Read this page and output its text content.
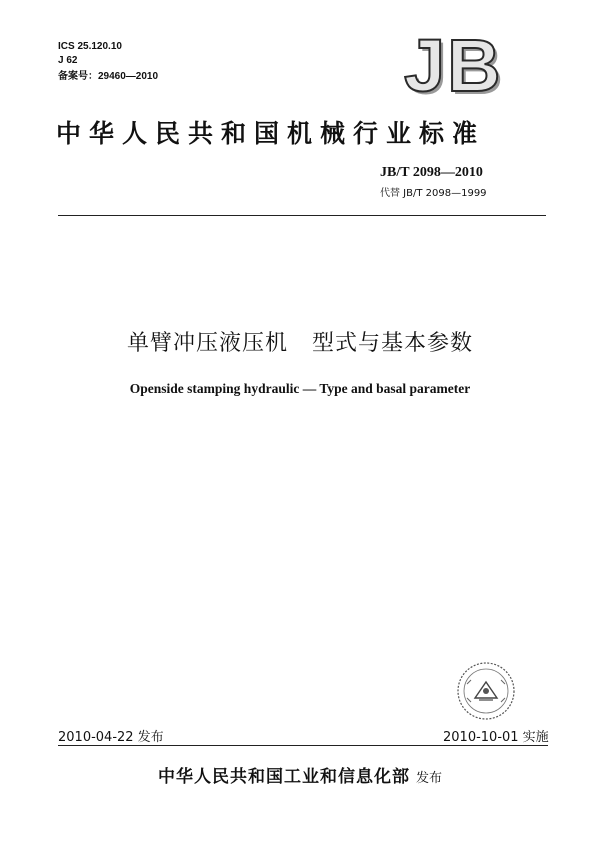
ICS 25.120.10
J 62
备案号：29460—2010	JB
中华人民共和国机械行业标准
JB/T 2098—2010
代替 JB/T 2098—1999
单臂冲压液压机   型式与基本参数
Openside stamping hydraulic — Type and basal parameter
2010-04-22 发布	2010-10-01 实施
中华人民共和国工业和信息化部 发布
